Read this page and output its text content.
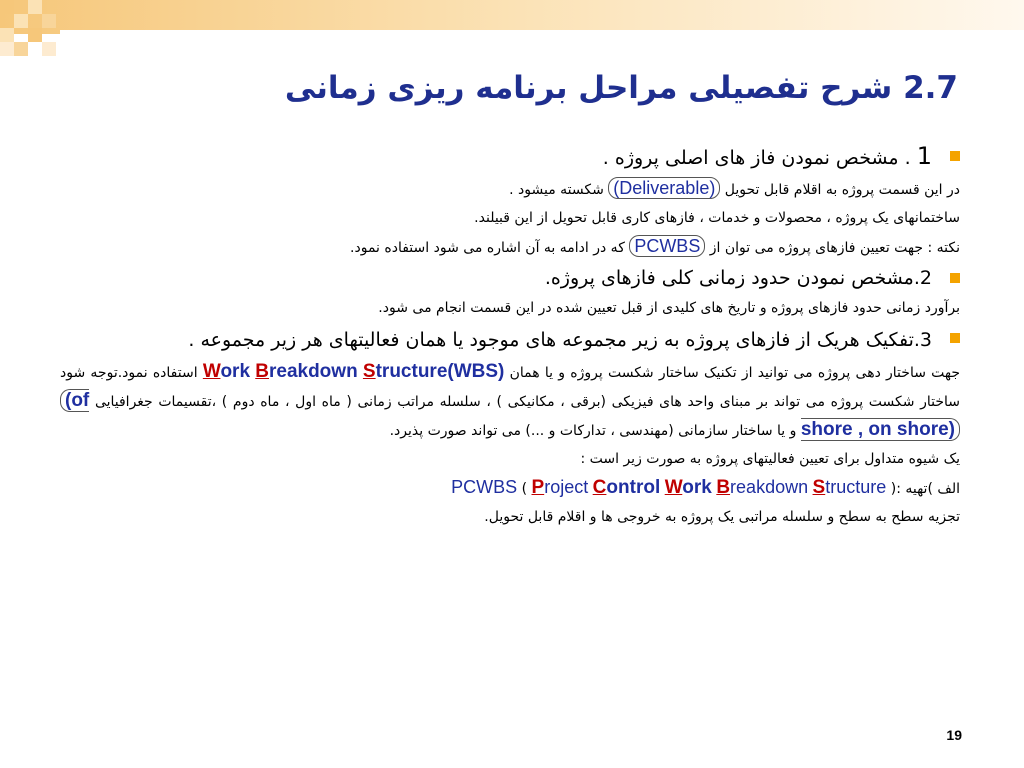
2.7 شرح تفصیلی مراحل برنامه ریزی زمانی
1 . مشخص نمودن فاز های اصلی پروژه .
در این قسمت پروژه به اقلام قابل تحویل (Deliverable) شکسته میشود .
ساختمانهای یک پروژه ، محصولات و خدمات ، فازهای کاری قابل تحویل از این قبیلند.
نکته : جهت تعیین فازهای پروژه می توان از PCWBS که در ادامه به آن اشاره می شود استفاده نمود.
2.مشخص نمودن حدود زمانی کلی فازهای پروژه.
برآورد زمانی حدود فازهای پروژه و تاریخ های کلیدی از قبل تعیین شده در این قسمت انجام می شود.
3.تفکیک هریک از فازهای پروژه به زیر مجموعه های موجود یا همان فعالیتهای هر زیر مجموعه .
جهت ساختار دهی پروژه می توانید از تکنیک ساختار شکست پروژه و یا همان Work Breakdown Structure(WBS) استفاده نمود.توجه شود ساختار شکست پروژه می تواند بر مبنای واحد های فیزیکی (برقی ، مکانیکی ) ، سلسله مراتب زمانی ( ماه اول ، ماه دوم ) ،تقسیمات جغرافیایی (of shore , on shore) و یا ساختار سازمانی (مهندسی ، تدارکات و ...) می تواند صورت پذیرد.
یک شیوه متداول برای تعیین فعالیتهای پروژه به صورت زیر است :
الف )تهیه PCWBS ( Project Control Work Breakdown Structure ):
تجزیه سطح به سطح و سلسله مراتبی یک پروژه به خروجی ها و اقلام قابل تحویل.
19
